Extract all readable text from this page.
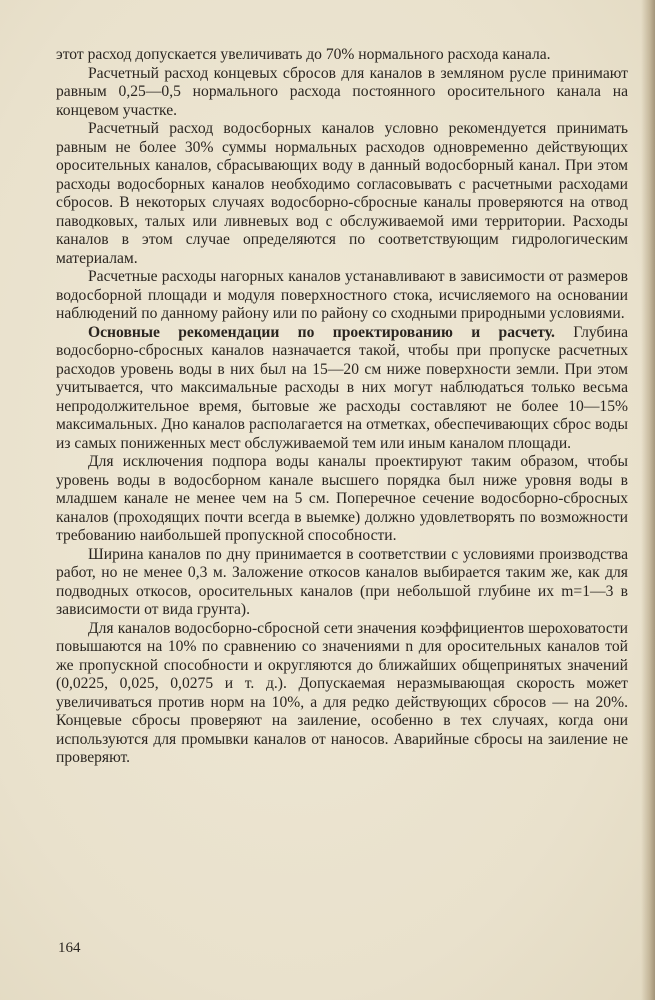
этот расход допускается увеличивать до 70% нормального расхода канала.

Расчетный расход концевых сбросов для каналов в земляном русле принимают равным 0,25—0,5 нормального расхода постоянного оросительного канала на концевом участке.

Расчетный расход водосборных каналов условно рекомендуется принимать равным не более 30% суммы нормальных расходов одновременно действующих оросительных каналов, сбрасывающих воду в данный водосборный канал. При этом расходы водосборных каналов необходимо согласовывать с расчетными расходами сбросов. В некоторых случаях водосборно-сбросные каналы проверяются на отвод паводковых, талых или ливневых вод с обслуживаемой ими территории. Расходы каналов в этом случае определяются по соответствующим гидрологическим материалам.

Расчетные расходы нагорных каналов устанавливают в зависимости от размеров водосборной площади и модуля поверхностного стока, исчисляемого на основании наблюдений по данному району или по району со сходными природными условиями.

Основные рекомендации по проектированию и расчету. Глубина водосборно-сбросных каналов назначается такой, чтобы при пропуске расчетных расходов уровень воды в них был на 15—20 см ниже поверхности земли. При этом учитывается, что максимальные расходы в них могут наблюдаться только весьма непродолжительное время, бытовые же расходы составляют не более 10—15% максимальных. Дно каналов располагается на отметках, обеспечивающих сброс воды из самых пониженных мест обслуживаемой тем или иным каналом площади.

Для исключения подпора воды каналы проектируют таким образом, чтобы уровень воды в водосборном канале высшего порядка был ниже уровня воды в младшем канале не менее чем на 5 см. Поперечное сечение водосборно-сбросных каналов (проходящих почти всегда в выемке) должно удовлетворять по возможности требованию наибольшей пропускной способности.

Ширина каналов по дну принимается в соответствии с условиями производства работ, но не менее 0,3 м. Заложение откосов каналов выбирается таким же, как для подводных откосов, оросительных каналов (при небольшой глубине их m=1—3 в зависимости от вида грунта).

Для каналов водосборно-сбросной сети значения коэффициентов шероховатости повышаются на 10% по сравнению со значениями n для оросительных каналов той же пропускной способности и округляются до ближайших общепринятых значений (0,0225, 0,025, 0,0275 и т. д.). Допускаемая неразмывающая скорость может увеличиваться против норм на 10%, а для редко действующих сбросов — на 20%. Концевые сбросы проверяют на заиление, особенно в тех случаях, когда они используются для промывки каналов от наносов. Аварийные сбросы на заиление не проверяют.

164
